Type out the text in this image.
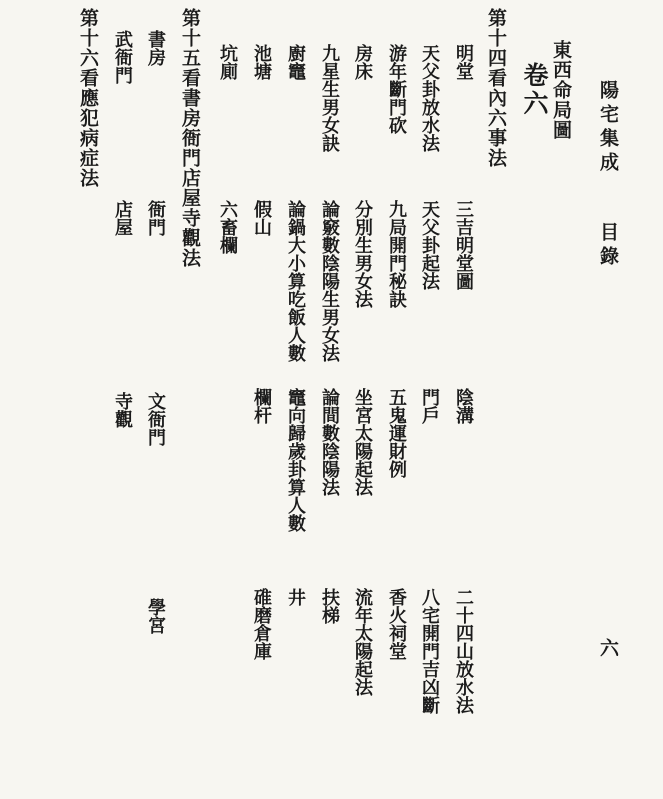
陽宅集成
目錄
六
東西命局圖
卷六
第十四看內六事法
明堂
三吉明堂圖
陰溝
二十四山放水法
天父卦放水法
天父卦起法
門戶
八宅開門吉凶斷
游年斷門砍
九局開門秘訣
五鬼運財例
香火祠堂
房床
分別生男女法
坐宮太陽起法
流年太陽起法
九星生男女訣
論竅數陰陽生男女法
論間數陰陽法
扶梯
廚竈
論鍋大小算吃飯人數
竈向歸歲卦算人數
井
池塘
假山
欄杆
碓磨倉庫
坑廁
六畜欄
第十五看書房衙門店屋寺觀法
書房
衙門
文衙門
學宮
武衙門
店屋
寺觀
第十六看應犯病症法
